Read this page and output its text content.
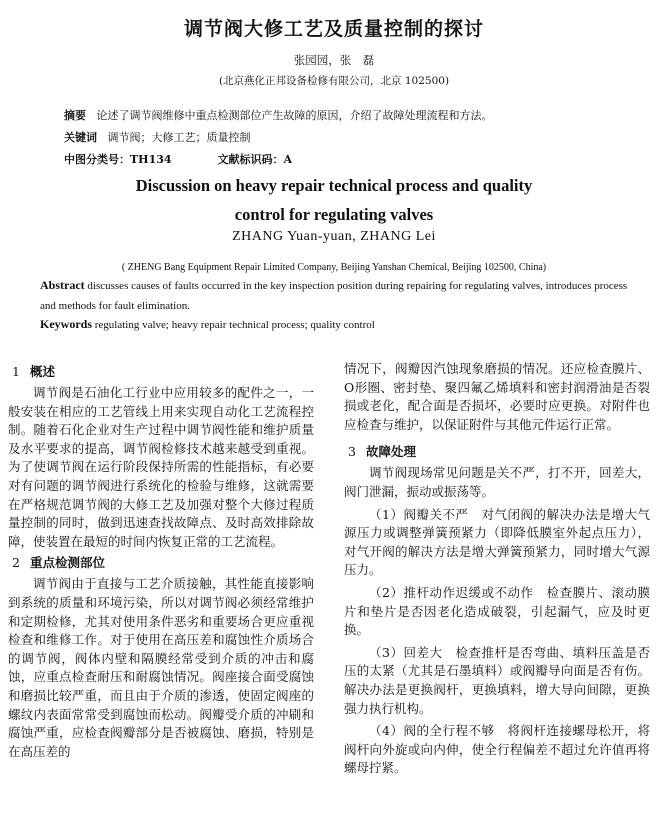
调节阀大修工艺及质量控制的探讨
张园园，张　磊
(北京燕化正邦设备检修有限公司，北京 102500)
摘要 论述了调节阀维修中重点检测部位产生故障的原因，介绍了故障处理流程和方法。
关键词 调节阀；大修工艺；质量控制
中图分类号：TH134	文献标识码：A
Discussion on heavy repair technical process and quality
control for regulating valves
ZHANG Yuan-yuan, ZHANG Lei
( ZHENG Bang Equipment Repair Limited Company, Beijing Yanshan Chemical, Beijing 102500, China)
Abstract discusses causes of faults occurred in the key inspection position during repairing for regulating valves, introduces process and methods for fault elimination.
Keywords regulating valve; heavy repair technical process; quality control
1 概述

调节阀是石油化工行业中应用较多的配件之一，一般安装在相应的工艺管线上用来实现自动化工艺流程控制。随着石化企业对生产过程中调节阀性能和维护质量及水平要求的提高，调节阀检修技术越来越受到重视。为了使调节阀在运行阶段保持所需的性能指标，有必要对有问题的调节阀进行系统化的检验与维修，这就需要在严格规范调节阀的大修工艺及加强对整个大修过程质量控制的同时，做到迅速查找故障点、及时高效排除故障，使装置在最短的时间内恢复正常的工艺流程。

2 重点检测部位

调节阀由于直接与工艺介质接触，其性能直接影响到系统的质量和环境污染，所以对调节阀必须经常维护和定期检修，尤其对使用条件恶劣和重要场合更应重视检查和维修工作。对于使用在高压差和腐蚀性介质场合的调节阀，阀体内壁和隔膜经常受到介质的冲击和腐蚀，应重点检查耐压和耐腐蚀情况。阀座接合面受腐蚀和磨损比较严重，而且由于介质的渗透，使固定阀座的螺纹内表面常常受到腐蚀而松动。阀瓣受介质的冲刷和腐蚀严重，应检查阀瓣部分是否被腐蚀、磨损，特别是在高压差的

情况下，阀瓣因汽蚀现象磨损的情况。还应检查膜片、O形圈、密封垫、聚四氟乙烯填料和密封润滑油是否裂损或老化，配合面是否损坏，必要时应更换。对附件也应检查与维护，以保证附件与其他元件运行正常。

3 故障处理

调节阀现场常见问题是关不严，打不开，回差大，阀门泄漏，振动或振荡等。

（1）阀瓣关不严　对气闭阀的解决办法是增大气源压力或调整弹簧预紧力（即降低膜室外起点压力），对气开阀的解决方法是增大弹簧预紧力，同时增大气源压力。

（2）推杆动作迟缓或不动作　检查膜片、滚动膜片和垫片是否因老化造成破裂，引起漏气，应及时更换。

（3）回差大　检查推杆是否弯曲、填料压盖是否压的太紧（尤其是石墨填料）或阀瓣导向面是否有伤。解决办法是更换阀杆，更换填料，增大导向间隙，更换强力执行机构。

（4）阀的全行程不够　将阀杆连接螺母松开，将阀杆向外旋或向内伸，使全行程偏差不超过允许值再将螺母拧紧。
